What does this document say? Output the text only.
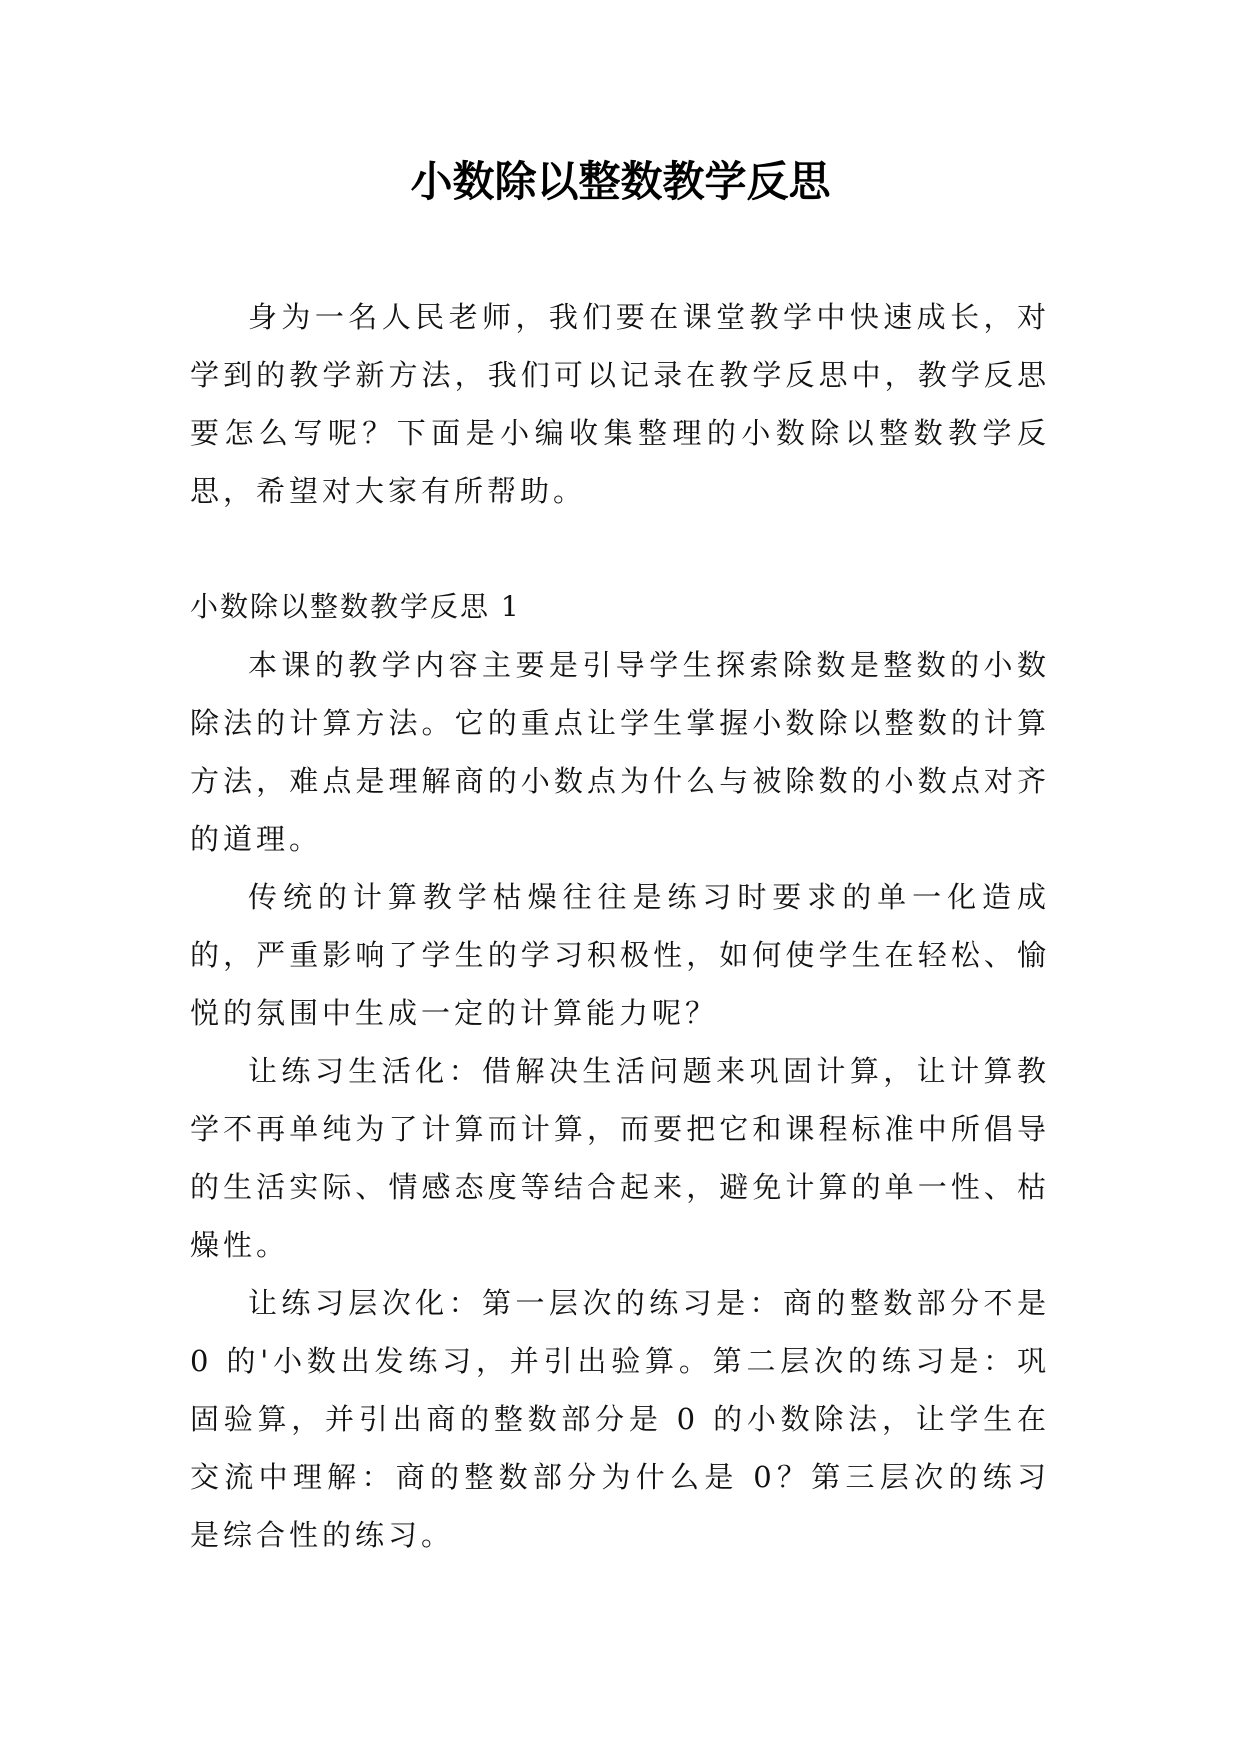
小数除以整数教学反思

身为一名人民老师，我们要在课堂教学中快速成长，对学到的教学新方法，我们可以记录在教学反思中，教学反思要怎么写呢？下面是小编收集整理的小数除以整数教学反思，希望对大家有所帮助。

小数除以整数教学反思 1

本课的教学内容主要是引导学生探索除数是整数的小数除法的计算方法。它的重点让学生掌握小数除以整数的计算方法，难点是理解商的小数点为什么与被除数的小数点对齐的道理。

传统的计算教学枯燥往往是练习时要求的单一化造成的，严重影响了学生的学习积极性，如何使学生在轻松、愉悦的氛围中生成一定的计算能力呢？

让练习生活化：借解决生活问题来巩固计算，让计算教学不再单纯为了计算而计算，而要把它和课程标准中所倡导的生活实际、情感态度等结合起来，避免计算的单一性、枯燥性。

让练习层次化：第一层次的练习是：商的整数部分不是0 的'小数出发练习，并引出验算。第二层次的练习是：巩固验算，并引出商的整数部分是 0 的小数除法，让学生在交流中理解：商的整数部分为什么是 0？第三层次的练习是综合性的练习。
